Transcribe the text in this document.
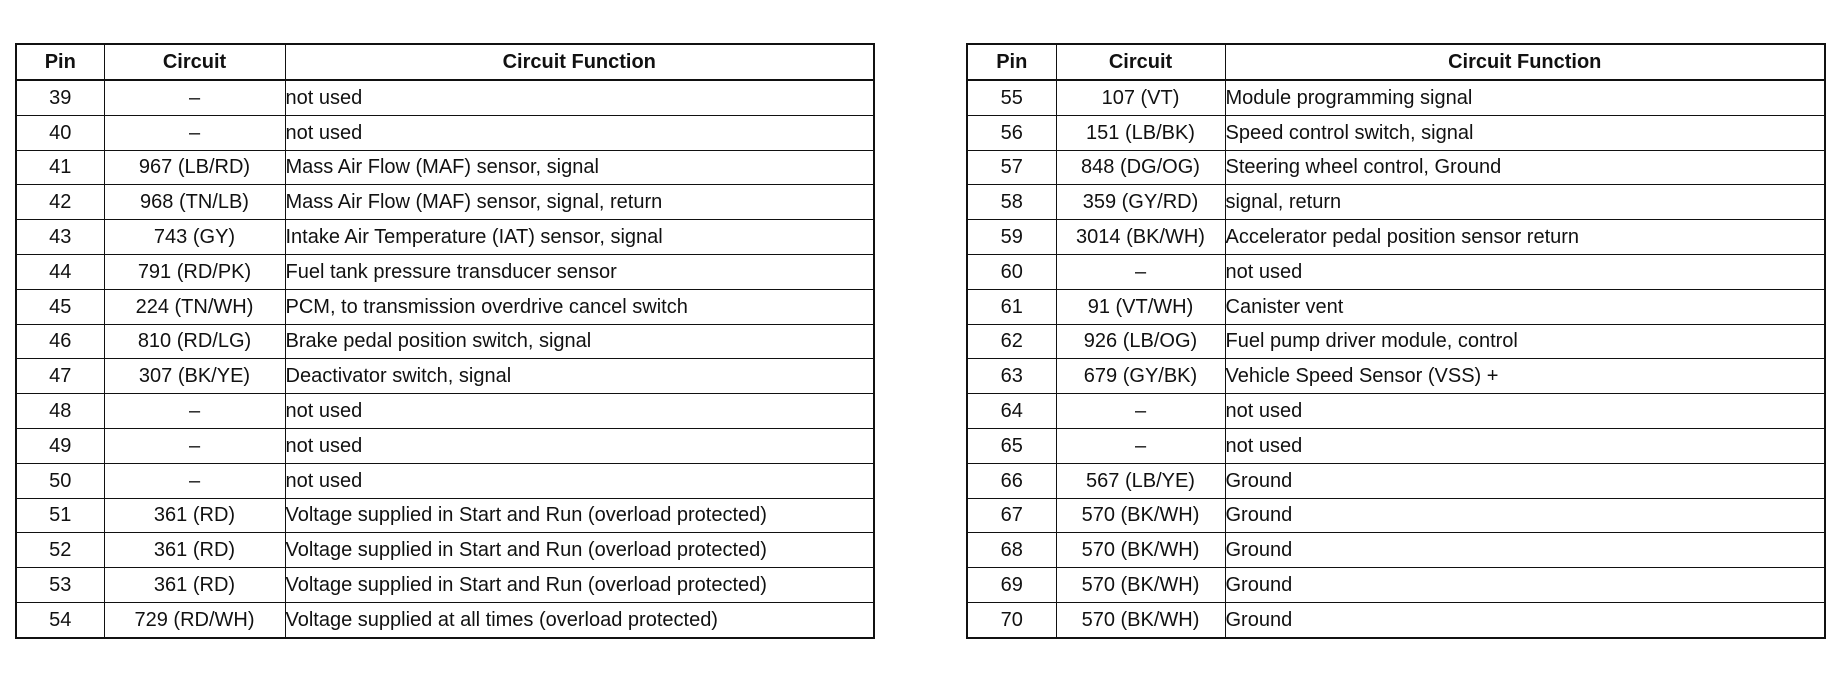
Pin	Circuit	Circuit Function
39	–	not used
40	–	not used
41	967 (LB/RD)	Mass Air Flow (MAF) sensor, signal
42	968 (TN/LB)	Mass Air Flow (MAF) sensor, signal, return
43	743 (GY)	Intake Air Temperature (IAT) sensor, signal
44	791 (RD/PK)	Fuel tank pressure transducer sensor
45	224 (TN/WH)	PCM, to transmission overdrive cancel switch
46	810 (RD/LG)	Brake pedal position switch, signal
47	307 (BK/YE)	Deactivator switch, signal
48	–	not used
49	–	not used
50	–	not used
51	361 (RD)	Voltage supplied in Start and Run (overload protected)
52	361 (RD)	Voltage supplied in Start and Run (overload protected)
53	361 (RD)	Voltage supplied in Start and Run (overload protected)
54	729 (RD/WH)	Voltage supplied at all times (overload protected)
Pin	Circuit	Circuit Function
55	107 (VT)	Module programming signal
56	151 (LB/BK)	Speed control switch, signal
57	848 (DG/OG)	Steering wheel control, Ground
58	359 (GY/RD)	signal, return
59	3014 (BK/WH)	Accelerator pedal position sensor return
60	–	not used
61	91 (VT/WH)	Canister vent
62	926 (LB/OG)	Fuel pump driver module, control
63	679 (GY/BK)	Vehicle Speed Sensor (VSS) +
64	–	not used
65	–	not used
66	567 (LB/YE)	Ground
67	570 (BK/WH)	Ground
68	570 (BK/WH)	Ground
69	570 (BK/WH)	Ground
70	570 (BK/WH)	Ground
